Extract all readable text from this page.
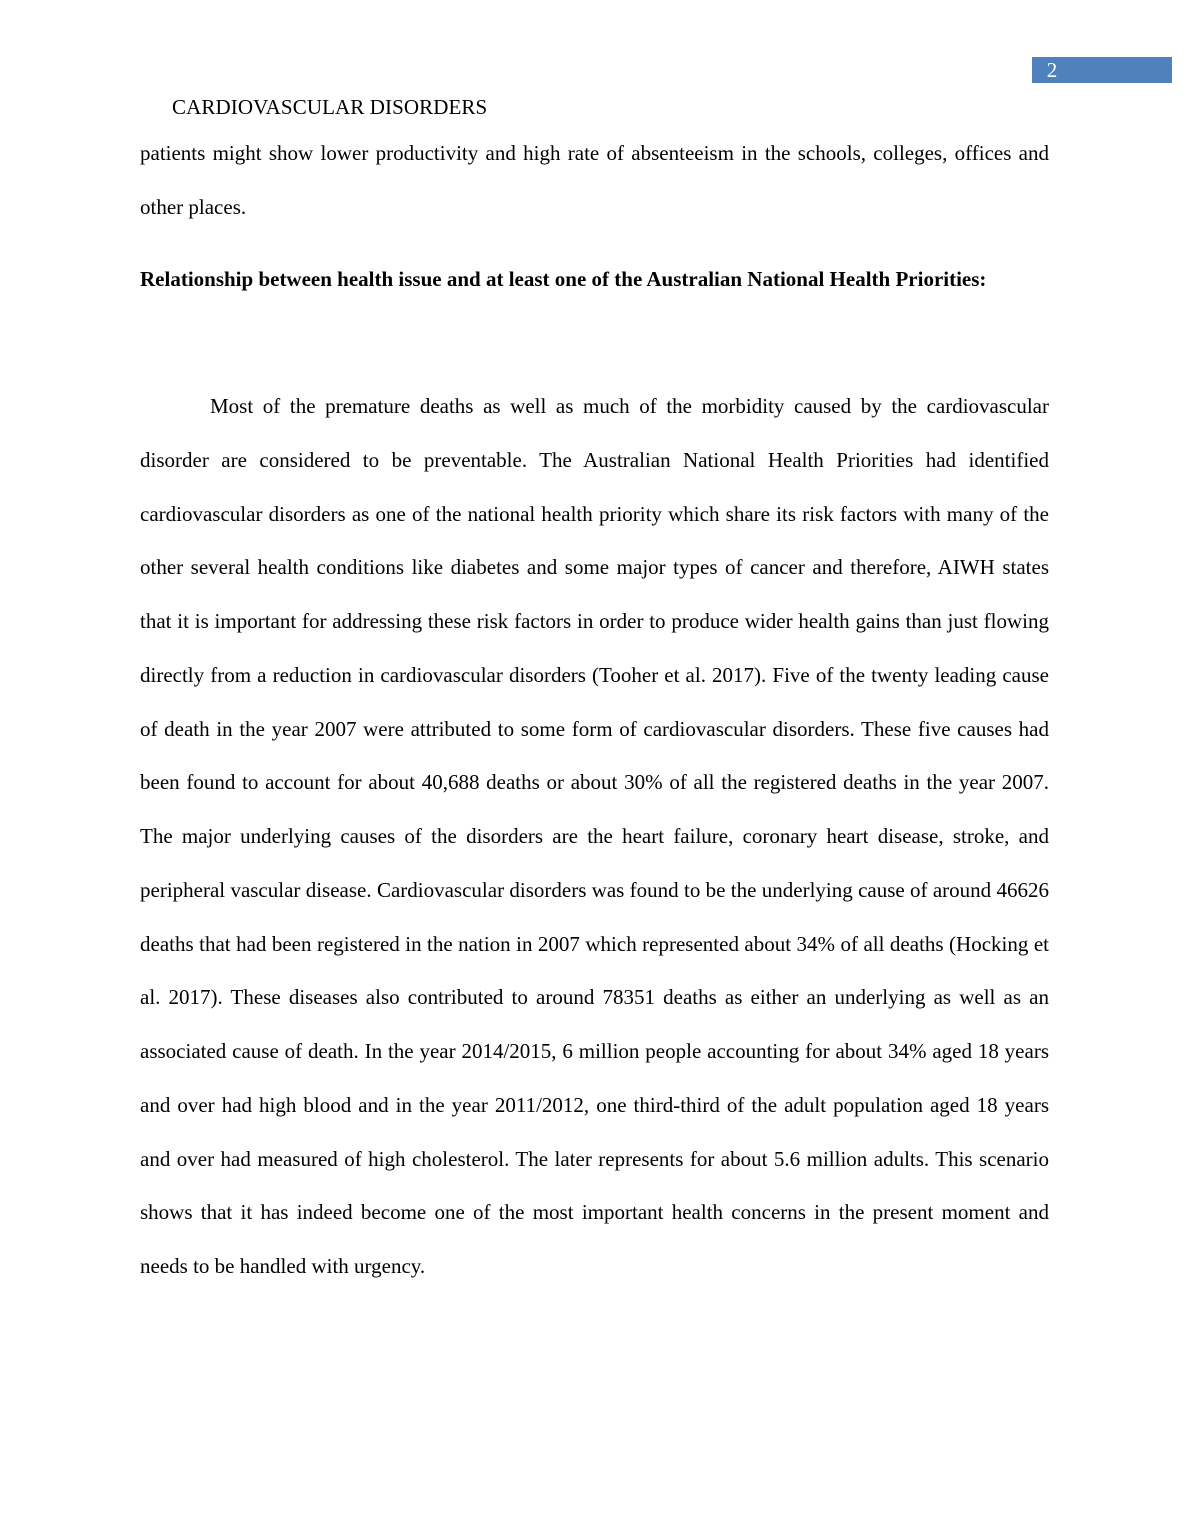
2
CARDIOVASCULAR DISORDERS

patients might show lower productivity and high rate of absenteeism in the schools, colleges, offices and other places.

Relationship between health issue and at least one of the Australian National Health Priorities:

Most of the premature deaths as well as much of the morbidity caused by the cardiovascular disorder are considered to be preventable. The Australian National Health Priorities had identified cardiovascular disorders as one of the national health priority which share its risk factors with many of the other several health conditions like diabetes and some major types of cancer and therefore, AIWH states that it is important for addressing these risk factors in order to produce wider health gains than just flowing directly from a reduction in cardiovascular disorders (Tooher et al. 2017). Five of the twenty leading cause of death in the year 2007 were attributed to some form of cardiovascular disorders. These five causes had been found to account for about 40,688 deaths or about 30% of all the registered deaths in the year 2007. The major underlying causes of the disorders are the heart failure, coronary heart disease, stroke, and peripheral vascular disease. Cardiovascular disorders was found to be the underlying cause of around 46626 deaths that had been registered in the nation in 2007 which represented about 34% of all deaths (Hocking et al. 2017). These diseases also contributed to around 78351 deaths as either an underlying as well as an associated cause of death. In the year 2014/2015, 6 million people accounting for about 34% aged 18 years and over had high blood and in the year 2011/2012, one third-third of the adult population aged 18 years and over had measured of high cholesterol. The later represents for about 5.6 million adults. This scenario shows that it has indeed become one of the most important health concerns in the present moment and needs to be handled with urgency.
